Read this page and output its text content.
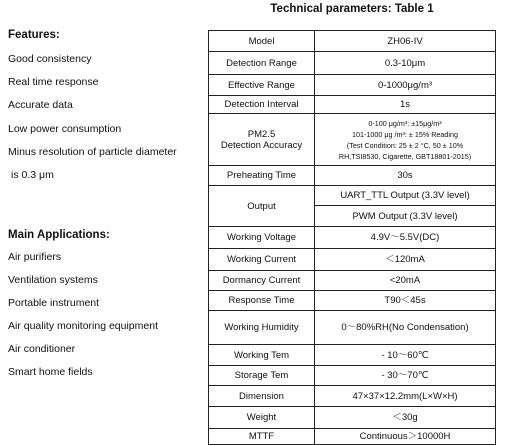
Features:
Good consistency
Real time response
Accurate data
Low power consumption
Minus resolution of particle diameter
is 0.3 μm
Main Applications:
Air purifiers
Ventilation systems
Portable instrument
Air quality monitoring equipment
Air conditioner
Smart home fields
Technical parameters: Table 1
Model	ZH06-IV
Detection Range	0.3-10μm
Effective Range	0-1000μg/m³
Detection Interval	1s

PM2.5
Detection Accuracy	0-100 μg/m³: ±15μg/m³
101-1000 μg /m³: ± 15% Reading
(Test Condition: 25 ± 2 °C, 50 ± 10%
RH,TSI8530, Cigarette, GBT18801-2015)

Preheating Time	30s
Output	UART_TTL Output (3.3V level)
	PWM Output (3.3V level)
Working Voltage	4.9V～5.5V(DC)
Working Current	＜120mA
Dormancy Current	<20mA
Response Time	T90＜45s
Working Humidity	0～80%RH(No Condensation)
Working Tem	- 10～60℃
Storage Tem	- 30～70℃
Dimension	47×37×12.2mm(L×W×H)
Weight	＜30g
MTTF	Continuous＞10000H
